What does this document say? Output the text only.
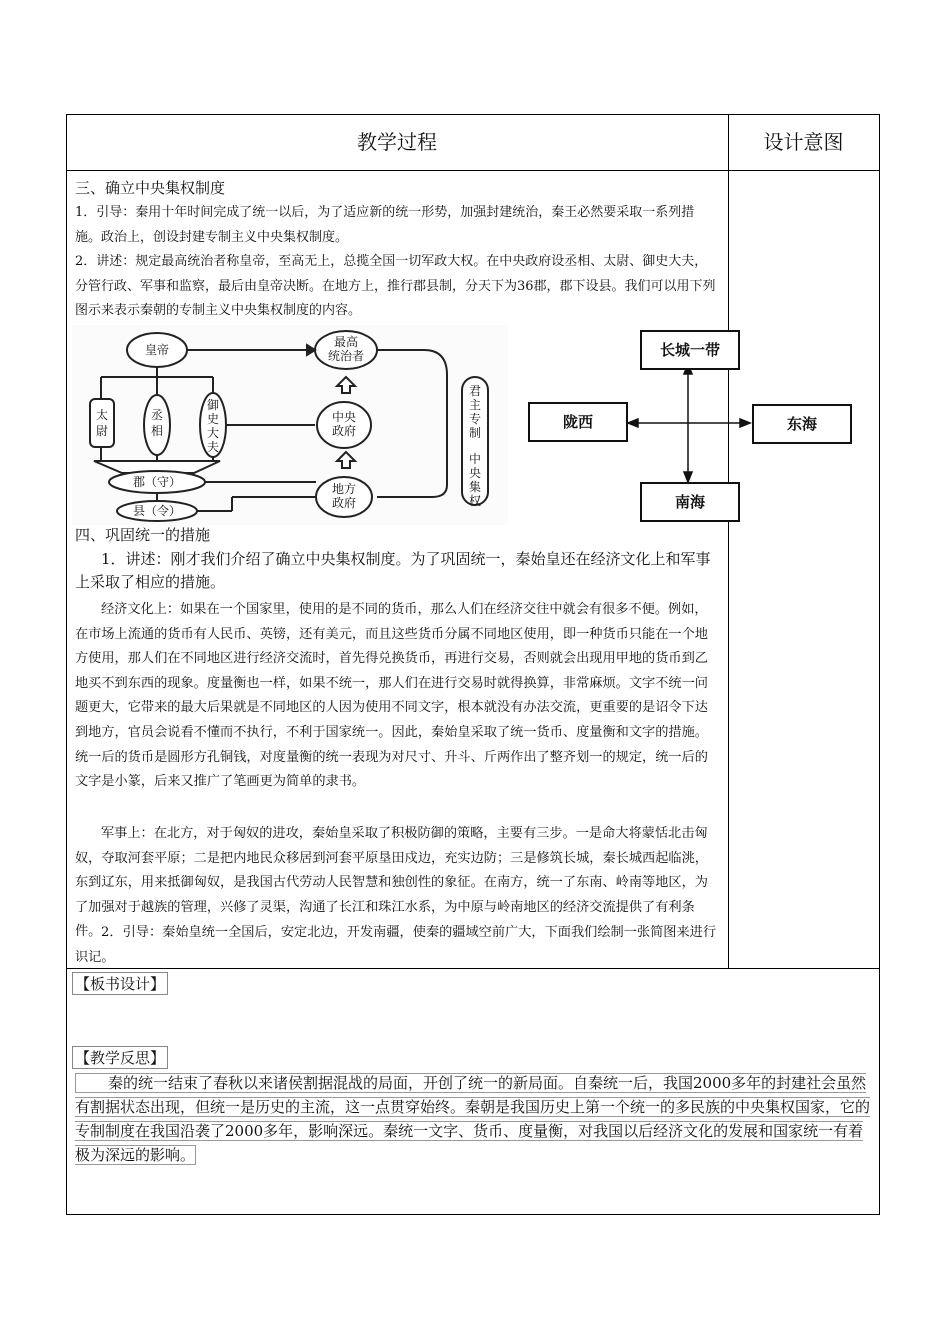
教学过程	设计意图
三、确立中央集权制度

1．引导：秦用十年时间完成了统一以后，为了适应新的统一形势，加强封建统治，秦王必然要采取一系列措施。政治上，创设封建专制主义中央集权制度。

2．讲述：规定最高统治者称皇帝，至高无上，总揽全国一切军政大权。在中央政府设丞相、太尉、御史大夫，分管行政、军事和监察，最后由皇帝决断。在地方上，推行郡县制，分天下为36郡，郡下设县。我们可以用下列图示来表示秦朝的专制主义中央集权制度的内容。

皇帝
最高
统治者
太
尉
丞
相
御
史
大
夫
中央
政府
郡（守）
县（令）
地方
政府
君
主
专
制
中
央
集
权
长城一带
陇西	东海
南海
四、巩固统一的措施

1．讲述：刚才我们介绍了确立中央集权制度。为了巩固统一，秦始皇还在经济文化上和军事上采取了相应的措施。

经济文化上：如果在一个国家里，使用的是不同的货币，那么人们在经济交往中就会有很多不便。例如，在市场上流通的货币有人民币、英镑，还有美元，而且这些货币分属不同地区使用，即一种货币只能在一个地方使用，那人们在不同地区进行经济交流时，首先得兑换货币，再进行交易，否则就会出现用甲地的货币到乙地买不到东西的现象。度量衡也一样，如果不统一，那人们在进行交易时就得换算，非常麻烦。文字不统一问题更大，它带来的最大后果就是不同地区的人因为使用不同文字，根本就没有办法交流，更重要的是诏令下达到地方，官员会说看不懂而不执行，不利于国家统一。因此，秦始皇采取了统一货币、度量衡和文字的措施。统一后的货币是圆形方孔铜钱，对度量衡的统一表现为对尺寸、升斗、斤两作出了整齐划一的规定，统一后的文字是小篆，后来又推广了笔画更为简单的隶书。

军事上：在北方，对于匈奴的进攻，秦始皇采取了积极防御的策略，主要有三步。一是命大将蒙恬北击匈奴，夺取河套平原；二是把内地民众移居到河套平原垦田戍边，充实边防；三是修筑长城，秦长城西起临洮，东到辽东，用来抵御匈奴，是我国古代劳动人民智慧和独创性的象征。在南方，统一了东南、岭南等地区，为了加强对于越族的管理，兴修了灵渠，沟通了长江和珠江水系，为中原与岭南地区的经济交流提供了有利条件。 2．引导：秦始皇统一全国后，安定北边，开发南疆，使秦的疆域空前广大，下面我们绘制一张简图来进行识记。

【板书设计】
【教学反思】
秦的统一结束了春秋以来诸侯割据混战的局面，开创了统一的新局面。自秦统一后，我国2000多年的封建社会虽然有割据状态出现，但统一是历史的主流，这一点贯穿始终。秦朝是我国历史上第一个统一的多民族的中央集权国家，它的专制制度在我国沿袭了2000多年，影响深远。秦统一文字、货币、度量衡，对我国以后经济文化的发展和国家统一有着极为深远的影响。
